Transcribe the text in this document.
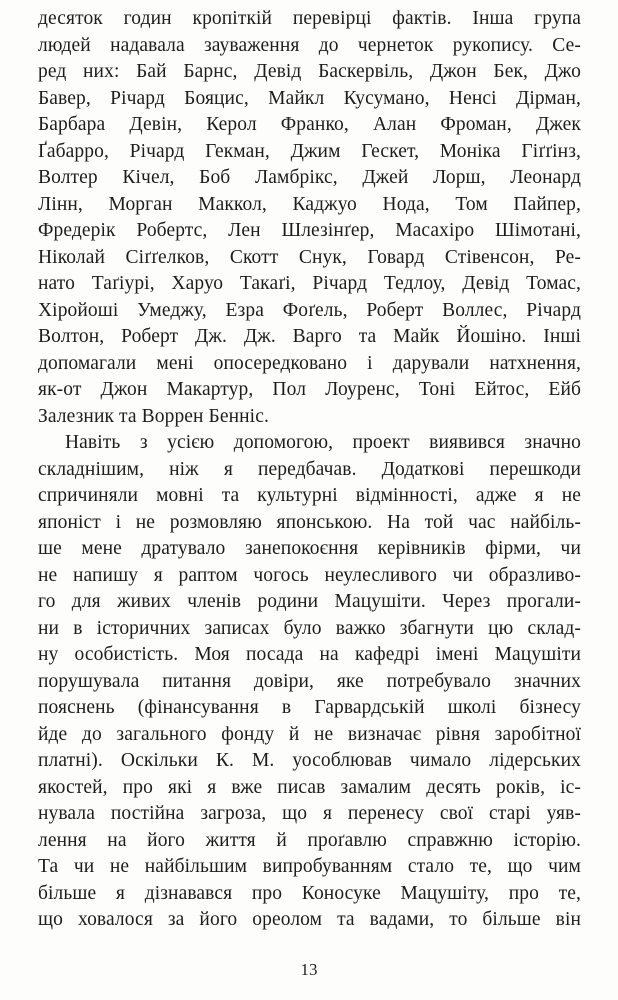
десяток годин кропіткій перевірці фактів. Інша група
людей надавала зауваження до чернеток рукопису. Се-
ред них: Бай Барнс, Девід Баскервіль, Джон Бек, Джо
Бавер, Річард Бояцис, Майкл Кусумано, Ненсі Дірман,
Барбара Девін, Керол Франко, Алан Фроман, Джек
Ґабарро, Річард Гекман, Джим Гескет, Моніка Гіґґінз,
Волтер Кічел, Боб Ламбрікс, Джей Лорш, Леонард
Лінн, Морган Маккол, Каджуо Нода, Том Пайпер,
Фредерік Робертс, Лен Шлезінґер, Масахіро Шімотані,
Ніколай Сіґґелков, Скотт Снук, Говард Стівенсон, Ре-
нато Таґіурі, Харуо Такаґі, Річард Тедлоу, Девід Томас,
Хіройоші Умеджу, Езра Фоґель, Роберт Воллес, Річард
Волтон, Роберт Дж. Дж. Варго та Майк Йошіно. Інші
допомагали мені опосередковано і дарували натхнення,
як-от Джон Макартур, Пол Лоуренс, Тоні Ейтос, Ейб
Залезник та Воррен Бенніс.
Навіть з усією допомогою, проект виявився значно
складнішим, ніж я передбачав. Додаткові перешкоди
спричиняли мовні та культурні відмінності, адже я не
японіст і не розмовляю японською. На той час найбіль-
ше мене дратувало занепокоєння керівників фірми, чи
не напишу я раптом чогось неулесливого чи образливо-
го для живих членів родини Мацушіти. Через прогали-
ни в історичних записах було важко збагнути цю склад-
ну особистість. Моя посада на кафедрі імені Мацушіти
порушувала питання довіри, яке потребувало значних
пояснень (фінансування в Гарвардській школі бізнесу
йде до загального фонду й не визначає рівня заробітної
платні). Оскільки К. М. уособлював чимало лідерських
якостей, про які я вже писав замалим десять років, іс-
нувала постійна загроза, що я перенесу свої старі уяв-
лення на його життя й проґавлю справжню історію.
Та чи не найбільшим випробуванням стало те, що чим
більше я дізнавався про Коносуке Мацушіту, про те,
що ховалося за його ореолом та вадами, то більше він
13
